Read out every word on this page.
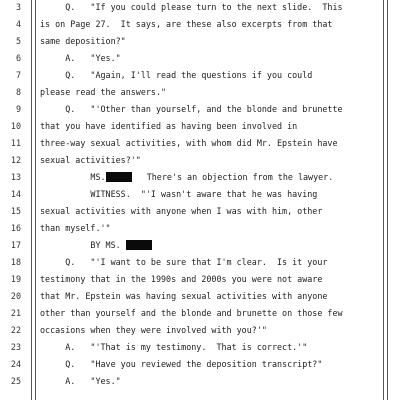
3
4
5
6
7
8
9
10
11
12
13
14
15
16
17
18
19
20
21
22
23
24
25
Q.   "If you could please turn to the next slide.  This
is on Page 27.  It says, are these also excerpts from that
same deposition?"
A.   "Yes."
Q.   "Again, I'll read the questions if you could
please read the answers."
Q.   "'Other than yourself, and the blonde and brunette
that you have identified as having been involved in
three-way sexual activities, with whom did Mr. Epstein have
sexual activities?'"
MS.	There's an objection from the lawyer.
WITNESS.  "'I wasn't aware that he was having
sexual activities with anyone when I was with him, other
than myself.'"
BY MS.
Q.   "'I want to be sure that I'm clear.  Is it your
testimony that in the 1990s and 2000s you were not aware
that Mr. Epstein was having sexual activities with anyone
other than yourself and the blonde and brunette on those few
occasions when they were involved with you?'"
A.   "'That is my testimony.  That is correct.'"
Q.   "Have you reviewed the deposition transcript?"
A.   "Yes."
